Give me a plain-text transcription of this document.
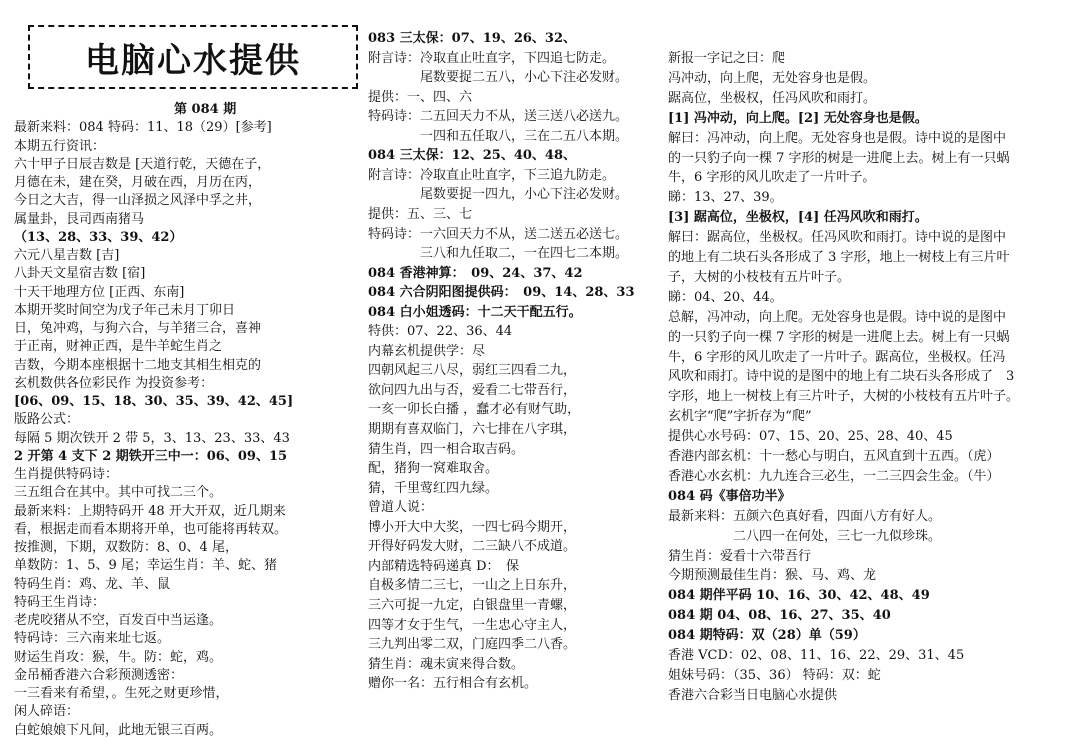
电脑心水提供
第 084 期
最新来料：084 特码：11、18（29）[参考]
本期五行资讯：
六十甲子日辰吉数是 [天道行乾，天德在子，
月德在未，建在癸，月破在西，月历在丙，
今日之大吉，得一山泽损之风泽中孚之井，
属量卦，艮司西南猪马
（13、28、33、39、42）
六元八星吉数 [吉]
八卦天文星宿吉数 [宿]
十天干地理方位 [正西、东南]
本期开奖时间空为戊子年己未月丁卯日
日，兔冲鸡，与狗六合，与羊猪三合，喜神
于正南，财神正西，是牛羊蛇生肖之
吉数，今期本座根据十二地支其相生相克的
玄机数供各位彩民作 为投资参考：
[06、09、15、18、30、35、39、42、45]
版路公式：
每隔 5 期次铁开 2 带 5，3、13、23、33、43
2 开第 4 支下 2 期铁开三中一：06、09、15
生肖提供特码诗：
三五组合在其中。其中可找二三个。
最新来料：上期特码开 48 开大开双，近几期来
看，根据走而看本期将开单，也可能将再转双。
按推测，下期，双数防：8、0、4 尾，
单数防：1、5、9 尾；幸运生肖：羊、蛇、猪
特码生肖：鸡、龙、羊、鼠
特码王生肖诗：
老虎咬猪从不空，百发百中当运逢。
特码诗：三六南来址七返。
财运生肖攻：猴，牛。防：蛇，鸡。
金吊桶香港六合彩预测透密：
一三看来有希望，。生死之财更珍惜，
闲人碎语：
白蛇娘娘下凡间，此地无银三百两。
083 三太保：07、19、26、32、
附言诗：冷取直止吐直字，下四追七防走。
　　　　尾数要捉二五八，小心下注必发财。
提供：一、四、六
特码诗：二五回天力不从，送三送八必送九。
　　　　一四和五任取八，三在二五八本期。
084 三太保：12、25、40、48、
附言诗：冷取直止吐直字，下三追九防走。
　　　　尾数要捉一四九，小心下注必发财。
提供：五、三、七
特码诗：一六回天力不从，送二送五必送七。
　　　　三八和九任取二，一在四七二本期。
084 香港神算：　09、24、37、42
084 六合阴阳图提供码：　09、14、28、33
084 白小姐透码：十二天干配五行。
特供：07、22、36、44
内幕玄机提供学：尽
四朝风起三八尽，弱红三四看二九，
欲问四九出与否，爱看二七带吾行，
一亥一卯长白播 ，蠢才必有财气助，
期期有喜双临门，六七排在八字琪，
猜生肖，四一相合取吉码。
配，猪狗一窝难取舍。
猜，千里莺红四九绿。
曾道人说：
博小开大中大奖，一四七码今期开，
开得好码发大财，二三缺八不成道。
内部精选特码递真 D：　保
自极多情二三七，一山之上日东升，
三六可捉一九定，白银盘里一青螺，
四等才女于生气，一生忠心守主人，
三九判出零二双，门庭四季二八香。
猜生肖：魂未寅来得合数。
赠你一名：五行相合有玄机。
新报一字记之曰：爬
冯冲动，向上爬，无处容身也是假。
踞高位，坐极权，任冯风吹和雨打。
[1] 冯冲动，向上爬。[2] 无处容身也是假。
解曰：冯冲动，向上爬。无处容身也是假。诗中说的是图中
的一只豹子向一棵 7 字形的树是一进爬上去。树上有一只蜗
牛，6 字形的风儿吹走了一片叶子。
睇：13、27、39。
[3] 踞高位，坐极权，[4] 任冯风吹和雨打。
解曰：踞高位，坐极权。任冯风吹和雨打。诗中说的是图中
的地上有二块石头各形成了 3 字形，地上一树枝上有三片叶
子，大树的小枝枝有五片叶子。
睇：04、20、44。
总解，冯冲动，向上爬。无处容身也是假。诗中说的是图中
的一只豹子向一棵 7 字形的树是一进爬上去。树上有一只蜗
牛，6 字形的风儿吹走了一片叶子。踞高位，坐极权。任冯
风吹和雨打。诗中说的是图中的地上有二块石头各形成了　3
字形，地上一树枝上有三片叶子，大树的小枝枝有五片叶子。
玄机字“爬”字折存为“爬”
提供心水号码：07、15、20、25、28、40、45
香港内部玄机：十一愁心与明白，五风直到十五西。（虎）
香港心水玄机：九九连合三必生，一二三四会生金。（牛）
084 码《事倍功半》
最新来料：五颜六色真好看，四面八方有好人。
　　　　　二八四一在何处，三七一九似珍珠。
猜生肖：爱看十六带吾行
今期预测最佳生肖：猴、马、鸡、龙
084 期伴平码 10、16、30、42、48、49
084 期 04、08、16、27、35、40
084 期特码：双（28）单（59）
香港 VCD：02、08、11、16、22、29、31、45
姐妹号码：（35、36） 特码：双：蛇
香港六合彩当日电脑心水提供
